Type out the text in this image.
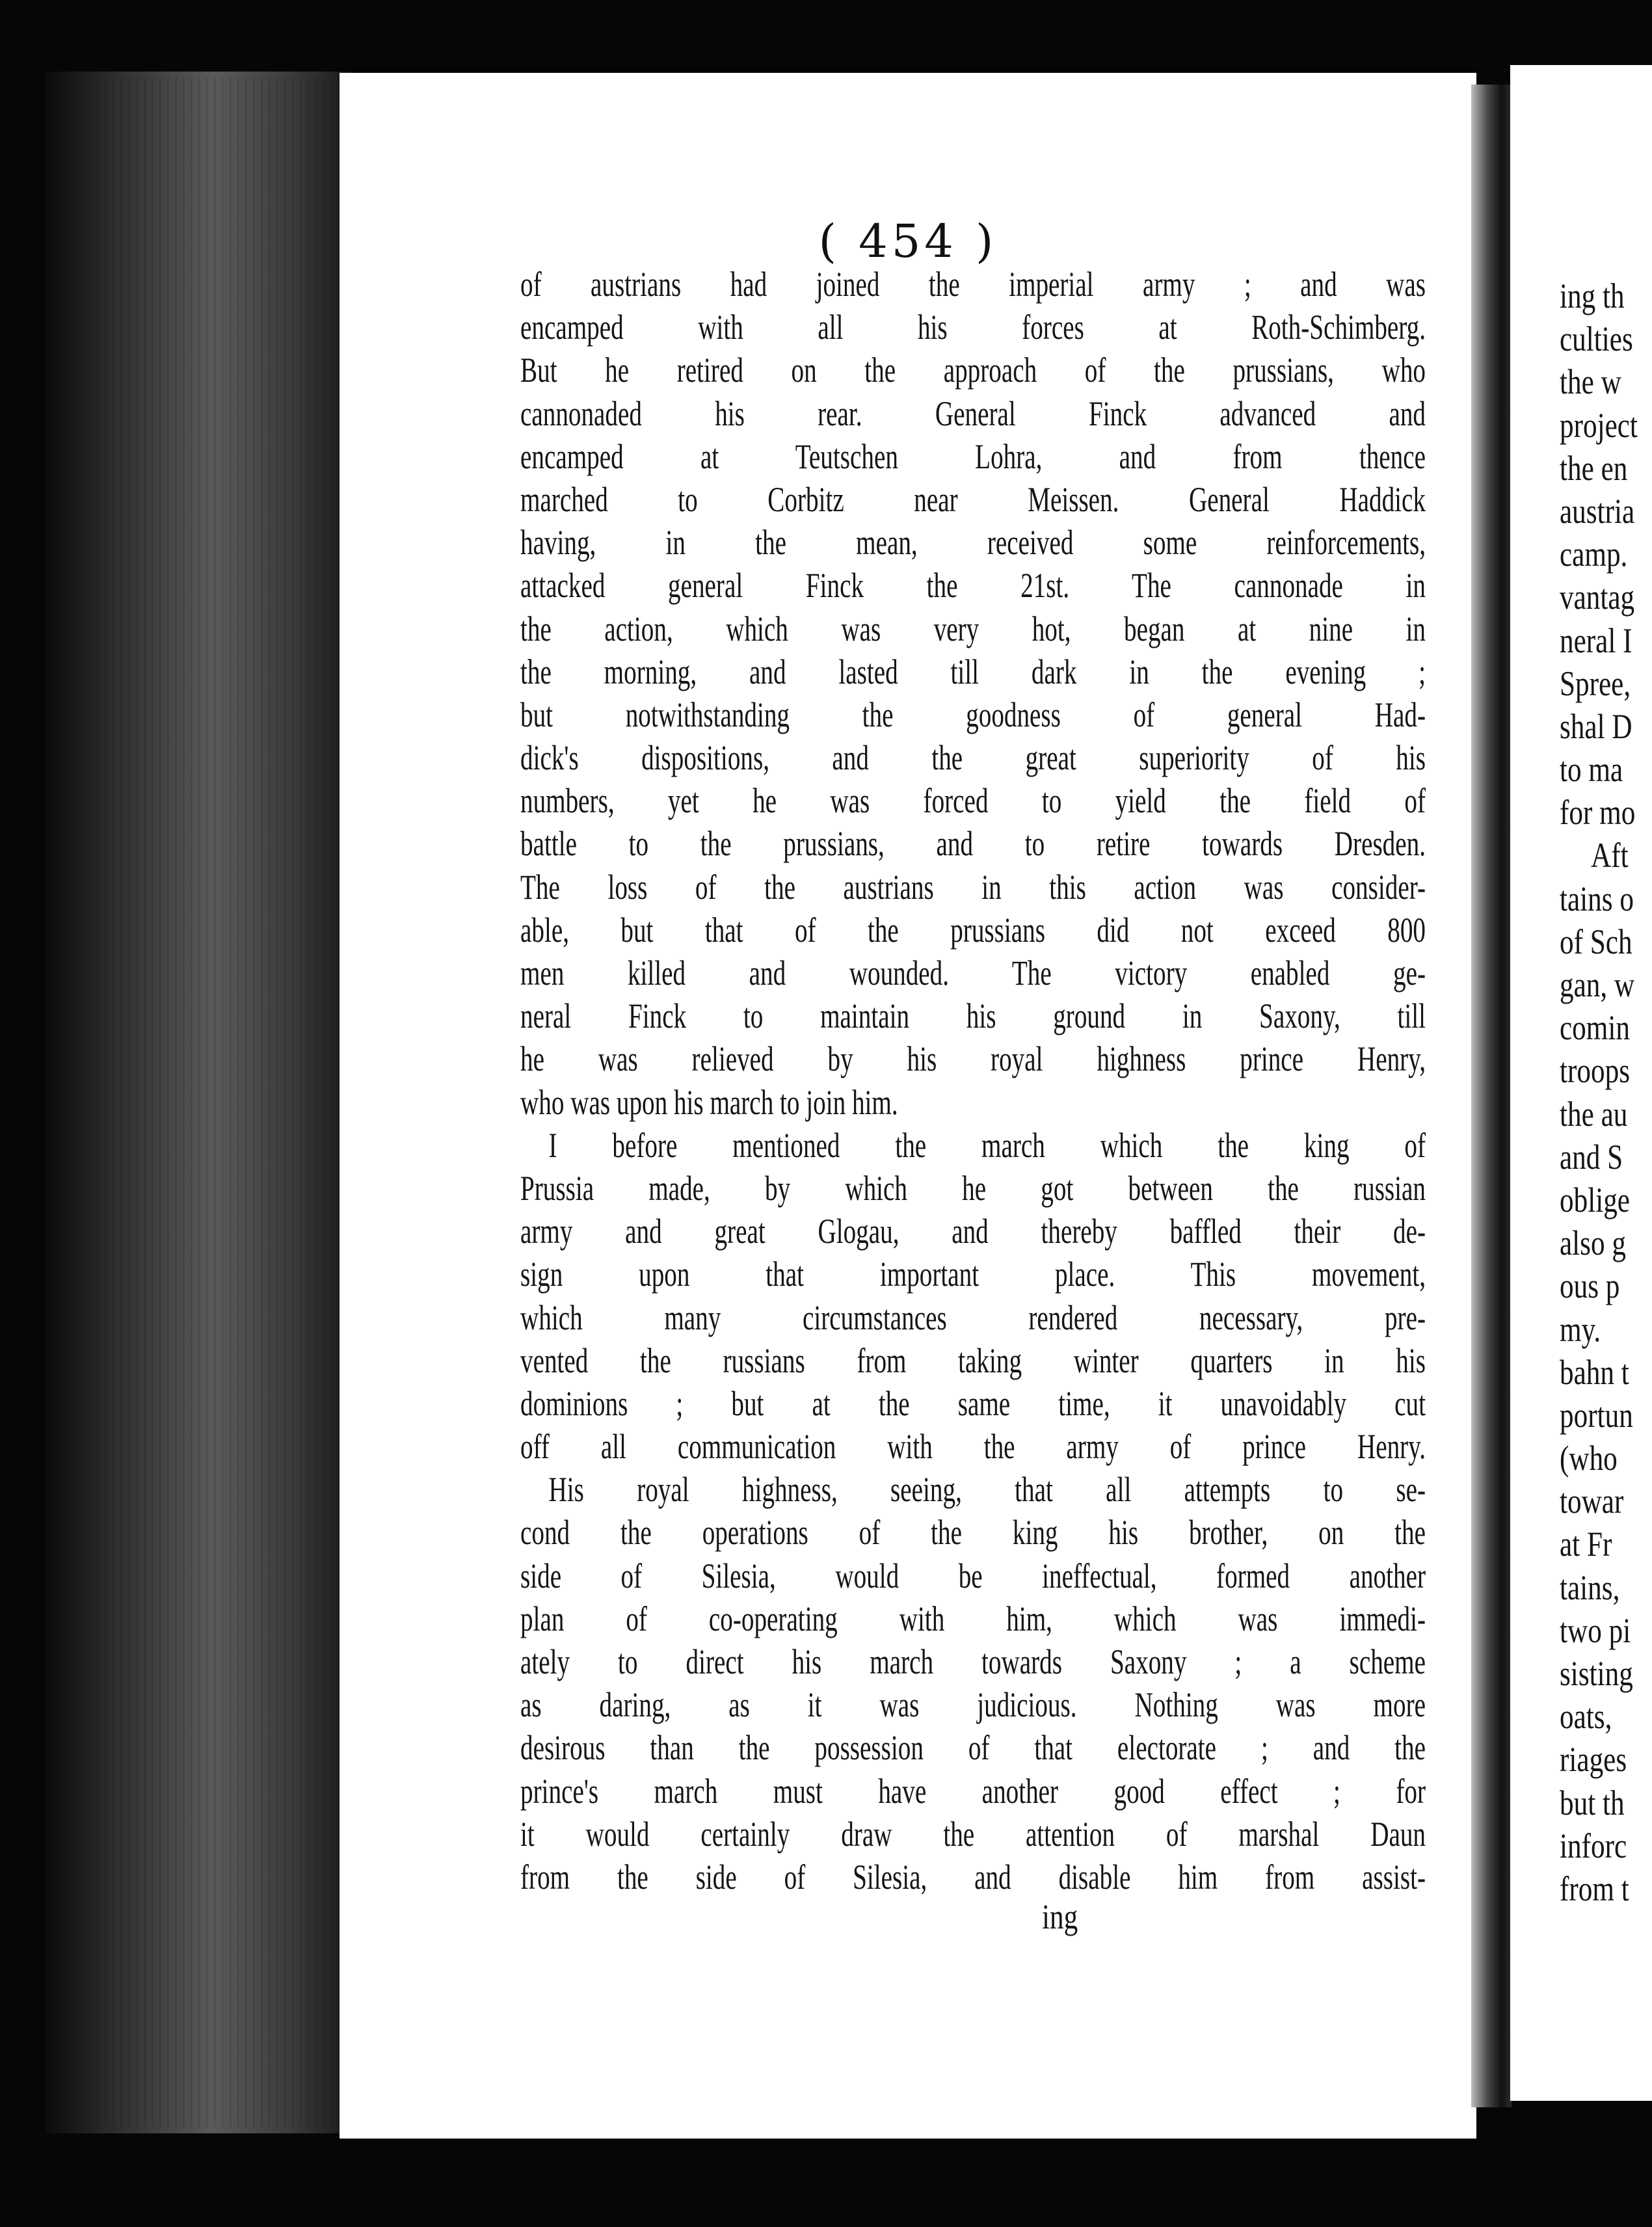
( 454 )
of austrians had joined the imperial army ; and was
encamped with all his forces at Roth-Schimberg.
But he retired on the approach of the prussians, who
cannonaded his rear. General Finck advanced and
encamped at Teutschen Lohra, and from thence
marched to Corbitz near Meissen. General Haddick
having, in the mean, received some reinforcements,
attacked general Finck the 21st. The cannonade in
the action, which was very hot, began at nine in
the morning, and lasted till dark in the evening ;
but notwithstanding the goodness of general Had-
dick's dispositions, and the great superiority of his
numbers, yet he was forced to yield the field of
battle to the prussians, and to retire towards Dresden.
The loss of the austrians in this action was consider-
able, but that of the prussians did not exceed 800
men killed and wounded. The victory enabled ge-
neral Finck to maintain his ground in Saxony, till
he was relieved by his royal highness prince Henry,
who was upon his march to join him.
I before mentioned the march which the king of
Prussia made, by which he got between the russian
army and great Glogau, and thereby baffled their de-
sign upon that important place. This movement,
which many circumstances rendered necessary, pre-
vented the russians from taking winter quarters in his
dominions ; but at the same time, it unavoidably cut
off all communication with the army of prince Henry.
His royal highness, seeing, that all attempts to se-
cond the operations of the king his brother, on the
side of Silesia, would be ineffectual, formed another
plan of co-operating with him, which was immedi-
ately to direct his march towards Saxony ; a scheme
as daring, as it was judicious. Nothing was more
desirous than the possession of that electorate ; and the
prince's march must have another good effect ; for
it would certainly draw the attention of marshal Daun
from the side of Silesia, and disable him from assist-
ing
ing th
culties
the w
project
the en
austria
camp.
vantag
neral I
Spree,
shal D
to ma
for mo
Aft
tains o
of Sch
gan, w
comin
troops
the au
and S
oblige
also g
ous p
my.
bahn t
portun
(who
towar
at Fr
tains,
two pi
sisting
oats,
riages
but th
inforc
from t
